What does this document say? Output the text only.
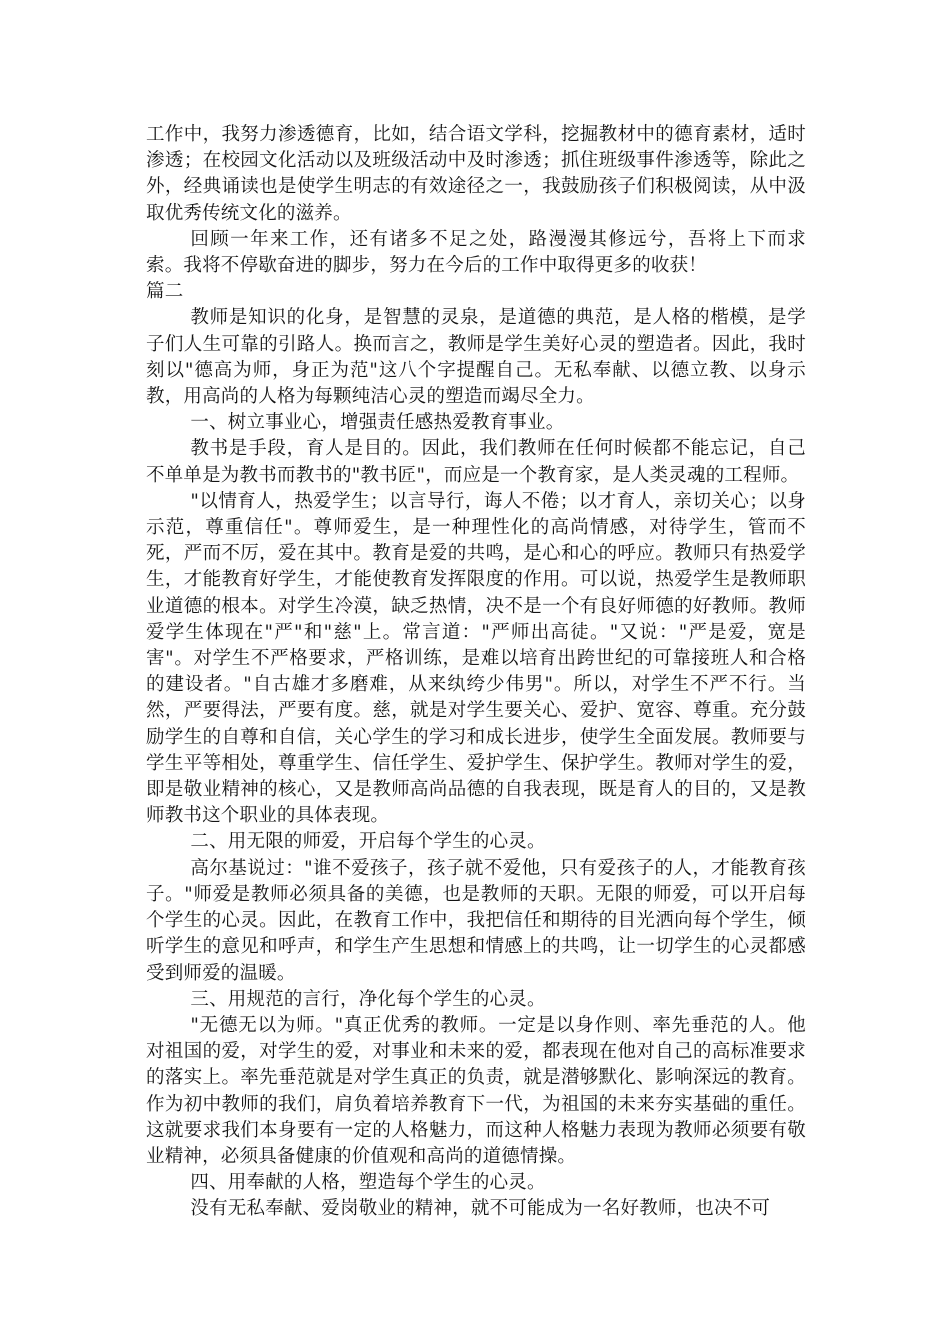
工作中，我努力渗透德育，比如，结合语文学科，挖掘教材中的德育素材，适时渗透；在校园文化活动以及班级活动中及时渗透；抓住班级事件渗透等，除此之外，经典诵读也是使学生明志的有效途径之一，我鼓励孩子们积极阅读，从中汲取优秀传统文化的滋养。

回顾一年来工作，还有诸多不足之处，路漫漫其修远兮，吾将上下而求索。我将不停歇奋进的脚步，努力在今后的工作中取得更多的收获！

篇二

教师是知识的化身，是智慧的灵泉，是道德的典范，是人格的楷模，是学子们人生可靠的引路人。换而言之，教师是学生美好心灵的塑造者。因此，我时刻以"德高为师，身正为范"这八个字提醒自己。无私奉献、以德立教、以身示教，用高尚的人格为每颗纯洁心灵的塑造而竭尽全力。

一、树立事业心，增强责任感热爱教育事业。

教书是手段，育人是目的。因此，我们教师在任何时候都不能忘记，自己不单单是为教书而教书的"教书匠"，而应是一个教育家，是人类灵魂的工程师。

"以情育人，热爱学生；以言导行，诲人不倦；以才育人，亲切关心；以身示范，尊重信任"。尊师爱生，是一种理性化的高尚情感，对待学生，管而不死，严而不厉，爱在其中。教育是爱的共鸣，是心和心的呼应。教师只有热爱学生，才能教育好学生，才能使教育发挥限度的作用。可以说，热爱学生是教师职业道德的根本。对学生冷漠，缺乏热情，决不是一个有良好师德的好教师。教师爱学生体现在"严"和"慈"上。常言道："严师出高徒。"又说："严是爱，宽是害"。对学生不严格要求，严格训练，是难以培育出跨世纪的可靠接班人和合格的建设者。"自古雄才多磨难，从来纨绔少伟男"。所以，对学生不严不行。当然，严要得法，严要有度。慈，就是对学生要关心、爱护、宽容、尊重。充分鼓励学生的自尊和自信，关心学生的学习和成长进步，使学生全面发展。教师要与学生平等相处，尊重学生、信任学生、爱护学生、保护学生。教师对学生的爱，即是敬业精神的核心，又是教师高尚品德的自我表现，既是育人的目的，又是教师教书这个职业的具体表现。

二、用无限的师爱，开启每个学生的心灵。

高尔基说过："谁不爱孩子，孩子就不爱他，只有爱孩子的人，才能教育孩子。"师爱是教师必须具备的美德，也是教师的天职。无限的师爱，可以开启每个学生的心灵。因此，在教育工作中，我把信任和期待的目光洒向每个学生，倾听学生的意见和呼声，和学生产生思想和情感上的共鸣，让一切学生的心灵都感受到师爱的温暖。

三、用规范的言行，净化每个学生的心灵。

"无德无以为师。"真正优秀的教师。一定是以身作则、率先垂范的人。他对祖国的爱，对学生的爱，对事业和未来的爱，都表现在他对自己的高标准要求的落实上。率先垂范就是对学生真正的负责，就是潜够默化、影响深远的教育。作为初中教师的我们，肩负着培养教育下一代，为祖国的未来夯实基础的重任。这就要求我们本身要有一定的人格魅力，而这种人格魅力表现为教师必须要有敬业精神，必须具备健康的价值观和高尚的道德情操。

四、用奉献的人格，塑造每个学生的心灵。

没有无私奉献、爱岗敬业的精神，就不可能成为一名好教师，也决不可
